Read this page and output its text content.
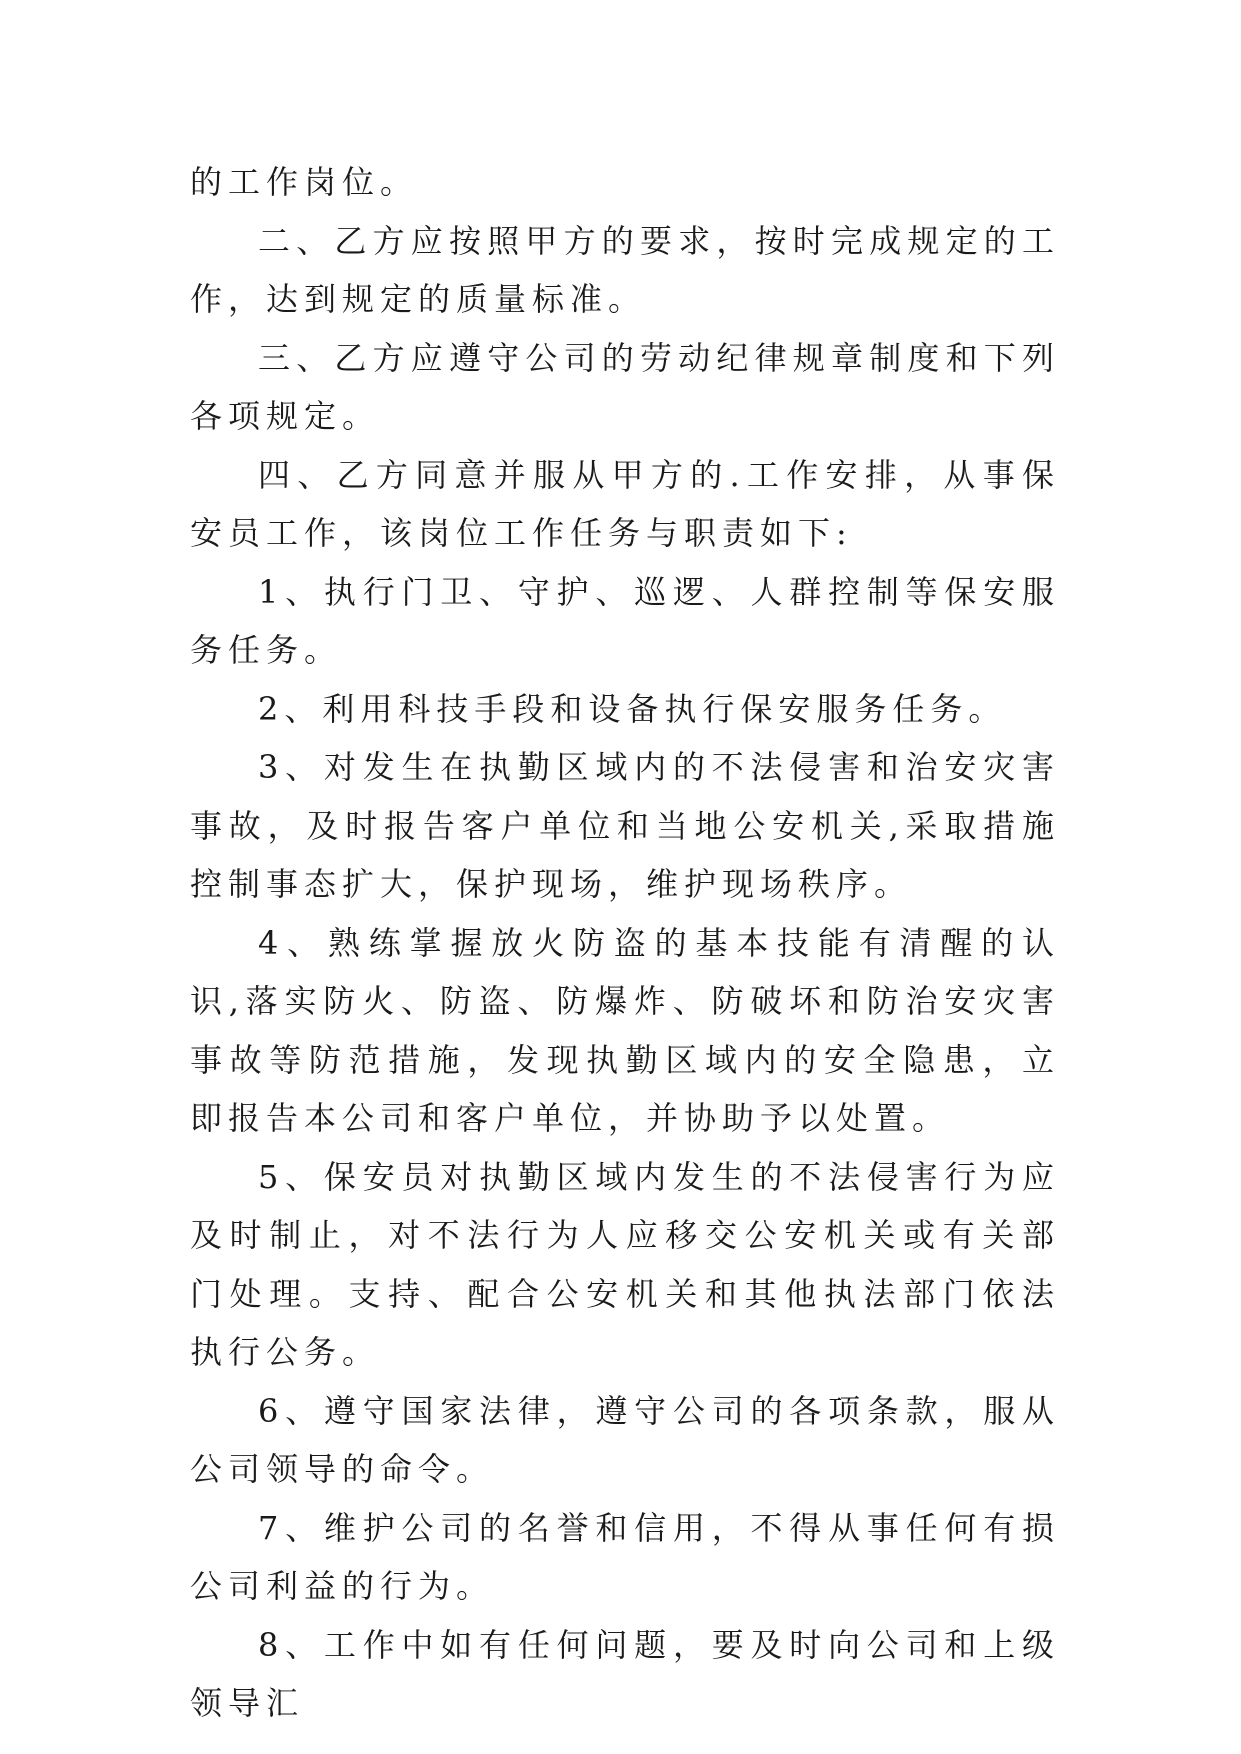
的工作岗位。

二、乙方应按照甲方的要求，按时完成规定的工作，达到规定的质量标准。

三、乙方应遵守公司的劳动纪律规章制度和下列各项规定。

四、乙方同意并服从甲方的.工作安排，从事保安员工作，该岗位工作任务与职责如下:

1、执行门卫、守护、巡逻、人群控制等保安服务任务。

2、利用科技手段和设备执行保安服务任务。

3、对发生在执勤区域内的不法侵害和治安灾害事故，及时报告客户单位和当地公安机关,采取措施控制事态扩大，保护现场，维护现场秩序。

4、熟练掌握放火防盗的基本技能有清醒的认识,落实防火、防盗、防爆炸、防破坏和防治安灾害事故等防范措施，发现执勤区域内的安全隐患，立即报告本公司和客户单位，并协助予以处置。

5、保安员对执勤区域内发生的不法侵害行为应及时制止，对不法行为人应移交公安机关或有关部门处理。支持、配合公安机关和其他执法部门依法执行公务。

6、遵守国家法律，遵守公司的各项条款，服从公司领导的命令。

7、维护公司的名誉和信用，不得从事任何有损公司利益的行为。

8、工作中如有任何问题，要及时向公司和上级领导汇
